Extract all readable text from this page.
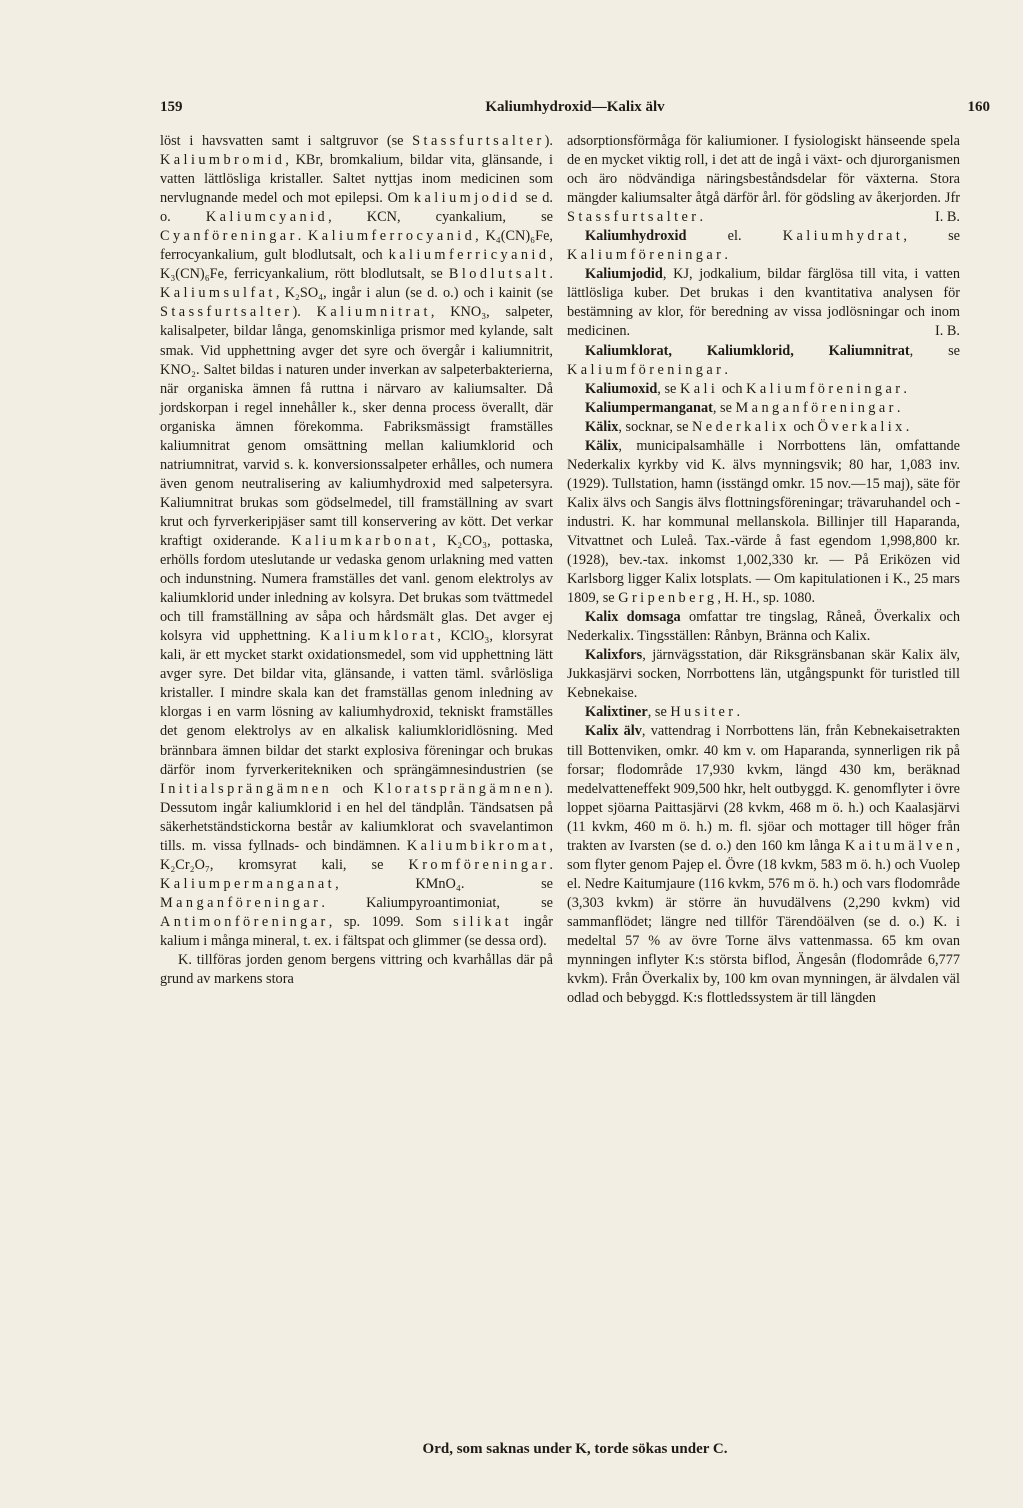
159	Kaliumhydroxid—Kalix älv	160

löst i havsvatten samt i saltgruvor (se Stassfurtsalter). Kaliumbromid, KBr, bromkalium, bildar vita, glänsande, i vatten lättlösliga kristaller. Saltet nyttjas inom medicinen som nervlugnande medel och mot epilepsi. Om kaliumjodid se d. o. Kaliumcyanid, KCN, cyankalium, se Cyanföreningar. Kaliumferrocyanid, K₄(CN)₆Fe, ferrocyankalium, gult blodlutsalt, och kaliumferricyanid, K₃(CN)₆Fe, ferricyankalium, rött blodlutsalt, se Blodlutsalt. Kaliumsulfat, K₂SO₄, ingår i alun (se d. o.) och i kainit (se Stassfurtsalter). Kaliumnitrat, KNO₃, salpeter, kalisalpeter, bildar långa, genomskinliga prismor med kylande, salt smak. Vid upphettning avger det syre och övergår i kaliumnitrit, KNO₂. Saltet bildas i naturen under inverkan av salpeterbakterierna, när organiska ämnen få ruttna i närvaro av kaliumsalter. Då jordskorpan i regel innehåller k., sker denna process överallt, där organiska ämnen förekomma. Fabriksmässigt framställes kaliumnitrat genom omsättning mellan kaliumklorid och natriumnitrat, varvid s. k. konversionssalpeter erhålles, och numera även genom neutralisering av kaliumhydroxid med salpetersyra. Kaliumnitrat brukas som gödselmedel, till framställning av svart krut och fyrverkeripjäser samt till konservering av kött. Det verkar kraftigt oxiderande. Kaliumkarbonat, K₂CO₃, pottaska, erhölls fordom uteslutande ur vedaska genom urlakning med vatten och indunstning. Numera framställes det vanl. genom elektrolys av kaliumklorid under inledning av kolsyra. Det brukas som tvättmedel och till framställning av såpa och hårdsmält glas. Det avger ej kolsyra vid upphettning. Kaliumklorat, KClO₃, klorsyrat kali, är ett mycket starkt oxidationsmedel, som vid upphettning lätt avger syre. Det bildar vita, glänsande, i vatten täml. svårlösliga kristaller. I mindre skala kan det framställas genom inledning av klorgas i en varm lösning av kaliumhydroxid, tekniskt framställes det genom elektrolys av en alkalisk kaliumkloridlösning. Med brännbara ämnen bildar det starkt explosiva föreningar och brukas därför inom fyrverkeritekniken och sprängämnesindustrien (se Initialsprängämnen och Kloratsprängämnen). Dessutom ingår kaliumklorid i en hel del tändplån. Tändsatsen på säkerhetständstickorna består av kaliumklorat och svavelantimon tills. m. vissa fyllnads- och bindämnen. Kaliumbikromat, K₂Cr₂O₇, kromsyrat kali, se Kromföreningar. Kaliumpermanganat, KMnO₄. se Manganföreningar. Kaliumpyroantimoniat, se Antimonföreningar, sp. 1099. Som silikat ingår kalium i många mineral, t. ex. i fältspat och glimmer (se dessa ord).

K. tillföras jorden genom bergens vittring och kvarhållas där på grund av markens stora

adsorptionsförmåga för kaliumioner. I fysiologiskt hänseende spela de en mycket viktig roll, i det att de ingå i växt- och djurorganismen och äro nödvändiga näringsbeståndsdelar för växterna. Stora mängder kaliumsalter åtgå därför årl. för gödsling av åkerjorden. Jfr Stassfurtsalter.	I. B.

Kaliumhydroxid el. Kaliumhydrat, se Kaliumföreningar.

Kaliumjodid, KJ, jodkalium, bildar färglösa till vita, i vatten lättlösliga kuber. Det brukas i den kvantitativa analysen för bestämning av klor, för beredning av vissa jodlösningar och inom medicinen.	I. B.

Kaliumklorat, Kaliumklorid, Kaliumnitrat, se Kaliumföreningar.

Kaliumoxid, se Kali och Kaliumföreningar.

Kaliumpermanganat, se Manganföreningar.

Kälix, socknar, se Nederkalix och Överkalix.

Kälix, municipalsamhälle i Norrbottens län, omfattande Nederkalix kyrkby vid K. älvs mynningsvik; 80 har, 1,083 inv. (1929). Tullstation, hamn (isstängd omkr. 15 nov.—15 maj), säte för Kalix älvs och Sangis älvs flottningsföreningar; trävaruhandel och -industri. K. har kommunal mellanskola. Billinjer till Haparanda, Vitvattnet och Luleå. Tax.-värde å fast egendom 1,998,800 kr. (1928), bev.-tax. inkomst 1,002,330 kr. — På Eriközen vid Karlsborg ligger Kalix lotsplats. — Om kapitulationen i K., 25 mars 1809, se Gripenberg, H. H., sp. 1080.

Kalix domsaga omfattar tre tingslag, Råneå, Överkalix och Nederkalix. Tingsställen: Rånbyn, Bränna och Kalix.

Kalixfors, järnvägsstation, där Riksgränsbanan skär Kalix älv, Jukkasjärvi socken, Norrbottens län, utgångspunkt för turistled till Kebnekaise.

Kalixtiner, se Husiter.

Kalix älv, vattendrag i Norrbottens län, från Kebnekaisetrakten till Bottenviken, omkr. 40 km v. om Haparanda, synnerligen rik på forsar; flodområde 17,930 kvkm, längd 430 km, beräknad medelvatteneffekt 909,500 hkr, helt outbyggd. K. genomflyter i övre loppet sjöarna Paittasjärvi (28 kvkm, 468 m ö. h.) och Kaalasjärvi (11 kvkm, 460 m ö. h.) m. fl. sjöar och mottager till höger från trakten av Ivarsten (se d. o.) den 160 km långa Kaitumälven, som flyter genom Pajep el. Övre (18 kvkm, 583 m ö. h.) och Vuolep el. Nedre Kaitumjaure (116 kvkm, 576 m ö. h.) och vars flodområde (3,303 kvkm) är större än huvudälvens (2,290 kvkm) vid sammanflödet; längre ned tillför Tärendöälven (se d. o.) K. i medeltal 57 % av övre Torne älvs vattenmassa. 65 km ovan mynningen inflyter K:s största biflod, Ängesån (flodområde 6,777 kvkm). Från Överkalix by, 100 km ovan mynningen, är älvdalen väl odlad och bebyggd. K:s flottledssystem är till längden

Ord, som saknas under K, torde sökas under C.
